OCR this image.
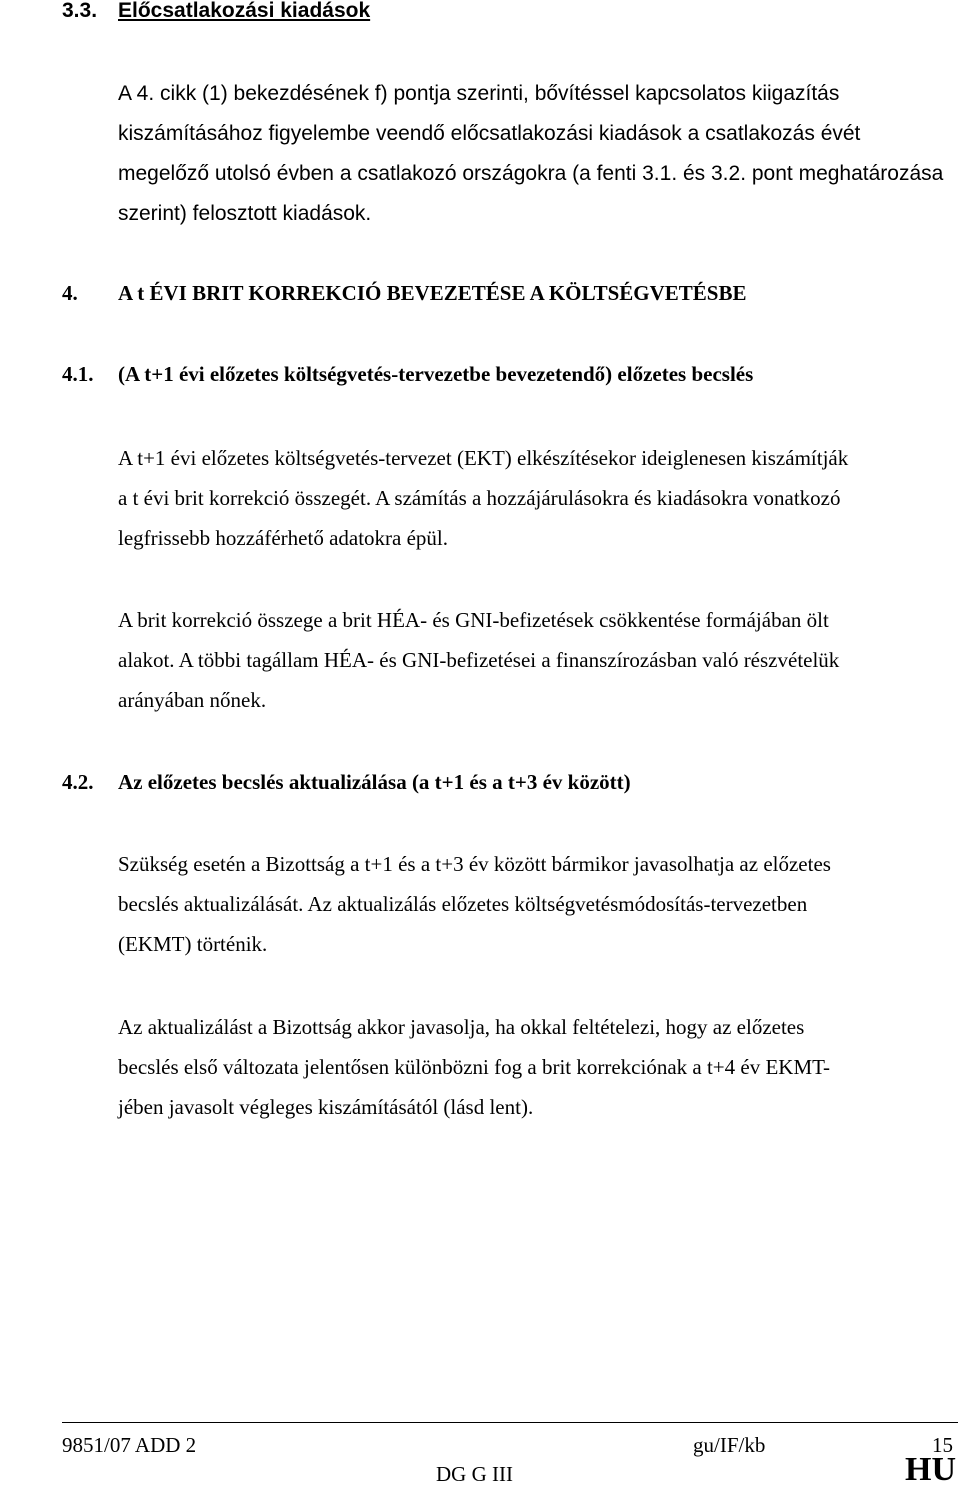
3.3. Előcsatlakozási kiadások
A 4. cikk (1) bekezdésének f) pontja szerinti, bővítéssel kapcsolatos kiigazítás
kiszámításához figyelembe veendő előcsatlakozási kiadások a csatlakozás évét
megelőző utolsó évben a csatlakozó országokra (a fenti 3.1. és 3.2. pont meghatározása
szerint) felosztott kiadások.
4. A t ÉVI BRIT KORREKCIÓ BEVEZETÉSE A KÖLTSÉGVETÉSBE
4.1. (A t+1 évi előzetes költségvetés-tervezetbe bevezetendő) előzetes becslés
A t+1 évi előzetes költségvetés-tervezet (EKT) elkészítésekor ideiglenesen kiszámítják
a t évi brit korrekció összegét. A számítás a hozzájárulásokra és kiadásokra vonatkozó
legfrissebb hozzáférhető adatokra épül.
A brit korrekció összege a brit HÉA- és GNI-befizetések csökkentése formájában ölt
alakot. A többi tagállam HÉA- és GNI-befizetései a finanszírozásban való részvételük
arányában nőnek.
4.2. Az előzetes becslés aktualizálása (a t+1 és a t+3 év között)
Szükség esetén a Bizottság a t+1 és a t+3 év között bármikor javasolhatja az előzetes
becslés aktualizálását. Az aktualizálás előzetes költségvetésmódosítás-tervezetben
(EKMT) történik.
Az aktualizálást a Bizottság akkor javasolja, ha okkal feltételezi, hogy az előzetes
becslés első változata jelentősen különbözni fog a brit korrekciónak a t+4 év EKMT-
jében javasolt végleges kiszámításától (lásd lent).
9851/07 ADD 2	gu/IF/kb	15
DG G III	HU
